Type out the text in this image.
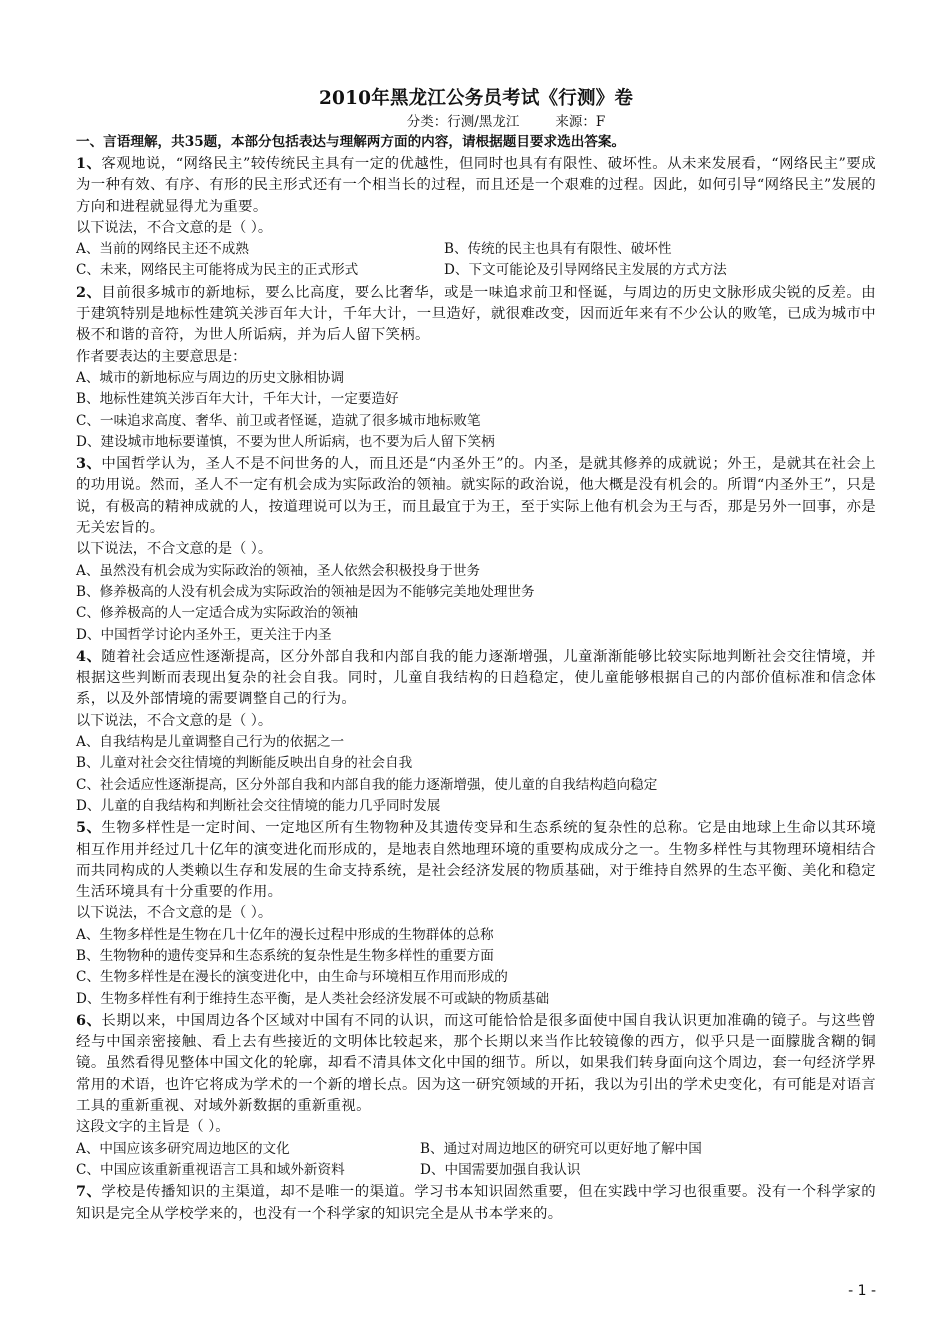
2010年黑龙江公务员考试《行测》卷

分类：行测/黑龙江	来源：F

一、言语理解，共35题，本部分包括表达与理解两方面的内容，请根据题目要求选出答案。

1、客观地说，“网络民主”较传统民主具有一定的优越性，但同时也具有有限性、破坏性。从未来发展看，“网络民主”要成为一种有效、有序、有形的民主形式还有一个相当长的过程，而且还是一个艰难的过程。因此，如何引导“网络民主”发展的方向和进程就显得尤为重要。

以下说法，不合文意的是（ ）。

A、当前的网络民主还不成熟	B、传统的民主也具有有限性、破坏性

C、未来，网络民主可能将成为民主的正式形式	D、下文可能论及引导网络民主发展的方式方法

2、目前很多城市的新地标，要么比高度，要么比奢华，或是一味追求前卫和怪诞，与周边的历史文脉形成尖锐的反差。由于建筑特别是地标性建筑关涉百年大计，千年大计，一旦造好，就很难改变，因而近年来有不少公认的败笔，已成为城市中极不和谐的音符，为世人所诟病，并为后人留下笑柄。

作者要表达的主要意思是：

A、城市的新地标应与周边的历史文脉相协调

B、地标性建筑关涉百年大计，千年大计，一定要造好

C、一味追求高度、奢华、前卫或者怪诞，造就了很多城市地标败笔

D、建设城市地标要谨慎，不要为世人所诟病，也不要为后人留下笑柄

3、中国哲学认为，圣人不是不问世务的人，而且还是“内圣外王”的。内圣，是就其修养的成就说；外王，是就其在社会上的功用说。然而，圣人不一定有机会成为实际政治的领袖。就实际的政治说，他大概是没有机会的。所谓“内圣外王”，只是说，有极高的精神成就的人，按道理说可以为王，而且最宜于为王，至于实际上他有机会为王与否，那是另外一回事，亦是无关宏旨的。

以下说法，不合文意的是（ ）。

A、虽然没有机会成为实际政治的领袖，圣人依然会积极投身于世务

B、修养极高的人没有机会成为实际政治的领袖是因为不能够完美地处理世务

C、修养极高的人一定适合成为实际政治的领袖

D、中国哲学讨论内圣外王，更关注于内圣

4、随着社会适应性逐渐提高，区分外部自我和内部自我的能力逐渐增强，儿童渐渐能够比较实际地判断社会交往情境，并根据这些判断而表现出复杂的社会自我。同时，儿童自我结构的日趋稳定，使儿童能够根据自己的内部价值标准和信念体系，以及外部情境的需要调整自己的行为。

以下说法，不合文意的是（ ）。

A、自我结构是儿童调整自己行为的依据之一

B、儿童对社会交往情境的判断能反映出自身的社会自我

C、社会适应性逐渐提高，区分外部自我和内部自我的能力逐渐增强，使儿童的自我结构趋向稳定

D、儿童的自我结构和判断社会交往情境的能力几乎同时发展

5、生物多样性是一定时间、一定地区所有生物物种及其遗传变异和生态系统的复杂性的总称。它是由地球上生命以其环境相互作用并经过几十亿年的演变进化而形成的，是地表自然地理环境的重要构成成分之一。生物多样性与其物理环境相结合而共同构成的人类赖以生存和发展的生命支持系统，是社会经济发展的物质基础，对于维持自然界的生态平衡、美化和稳定生活环境具有十分重要的作用。

以下说法，不合文意的是（ ）。

A、生物多样性是生物在几十亿年的漫长过程中形成的生物群体的总称

B、生物物种的遗传变异和生态系统的复杂性是生物多样性的重要方面

C、生物多样性是在漫长的演变进化中，由生命与环境相互作用而形成的

D、生物多样性有利于维持生态平衡，是人类社会经济发展不可或缺的物质基础

6、长期以来，中国周边各个区域对中国有不同的认识，而这可能恰恰是很多面使中国自我认识更加准确的镜子。与这些曾经与中国亲密接触、看上去有些接近的文明体比较起来，那个长期以来当作比较镜像的西方，似乎只是一面朦胧含糊的铜镜。虽然看得见整体中国文化的轮廓，却看不清具体文化中国的细节。所以，如果我们转身面向这个周边，套一句经济学界常用的术语，也许它将成为学术的一个新的增长点。因为这一研究领域的开拓，我以为引出的学术史变化，有可能是对语言工具的重新重视、对域外新数据的重新重视。

这段文字的主旨是（ ）。

A、中国应该多研究周边地区的文化	B、通过对周边地区的研究可以更好地了解中国

C、中国应该重新重视语言工具和域外新资料	D、中国需要加强自我认识

7、学校是传播知识的主渠道，却不是唯一的渠道。学习书本知识固然重要，但在实践中学习也很重要。没有一个科学家的知识是完全从学校学来的，也没有一个科学家的知识完全是从书本学来的。

- 1 -
